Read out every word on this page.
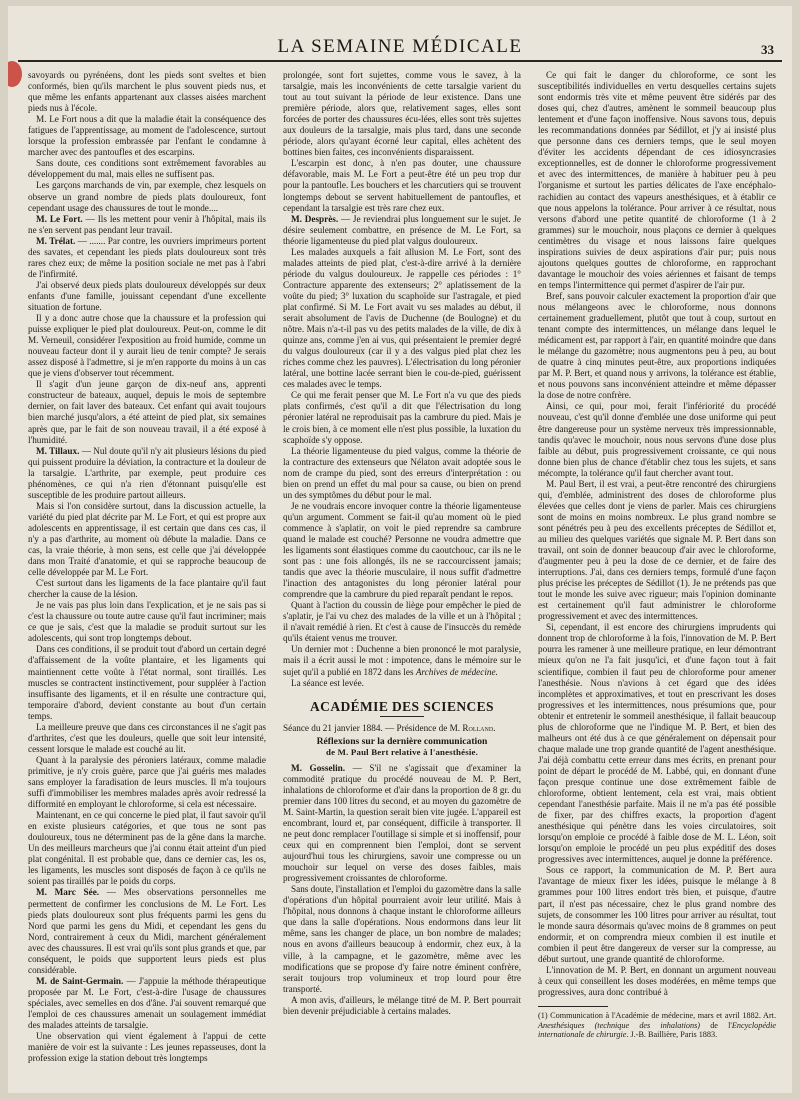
LA SEMAINE MÉDICALE	33

savoyards ou pyrénéens, dont les pieds sont sveltes et bien conformés, bien qu'ils marchent le plus souvent pieds nus, et que même les enfants appartenant aux classes aisées marchent pieds nus à l'école.

M. Le Fort nous a dit que la maladie était la conséquence des fatigues de l'apprentissage, au moment de l'adolescence, surtout lorsque la profession embrassée par l'enfant le condamne à marcher avec des pantoufles et des escarpins.

Sans doute, ces conditions sont extrêmement favorables au développement du mal, mais elles ne suffisent pas.

Les garçons marchands de vin, par exemple, chez lesquels on observe un grand nombre de pieds plats douloureux, font cependant usage des chaussures de tout le monde....

M. Le Fort. — Ils les mettent pour venir à l'hôpital, mais ils ne s'en servent pas pendant leur travail.

M. Trélat. — ....... Par contre, les ouvriers imprimeurs portent des savates, et cependant les pieds plats douloureux sont très rares chez eux; de même la position sociale ne met pas à l'abri de l'infirmité.

J'ai observé deux pieds plats douloureux développés sur deux enfants d'une famille, jouissant cependant d'une excellente situation de fortune.

Il y a donc autre chose que la chaussure et la profession qui puisse expliquer le pied plat douloureux. Peut-on, comme le dit M. Verneuil, considérer l'exposition au froid humide, comme un nouveau facteur dont il y aurait lieu de tenir compte? Je serais assez disposé à l'admettre, si je m'en rapporte du moins à un cas que je viens d'observer tout récemment.

Il s'agit d'un jeune garçon de dix-neuf ans, apprenti constructeur de bateaux, auquel, depuis le mois de septembre dernier, on fait laver des bateaux. Cet enfant qui avait toujours bien marché jusqu'alors, a été atteint de pied plat, six semaines après que, par le fait de son nouveau travail, il a été exposé à l'humidité.

M. Tillaux. — Nul doute qu'il n'y ait plusieurs lésions du pied qui puissent produire la déviation, la contracture et la douleur de la tarsalgie. L'arthrite, par exemple, peut produire ces phénomènes, ce qui n'a rien d'étonnant puisqu'elle est susceptible de les produire partout ailleurs.

Mais si l'on considère surtout, dans la discussion actuelle, la variété du pied plat décrite par M. Le Fort, et qui est propre aux adolescents en apprentissage, il est certain que dans ces cas, il n'y a pas d'arthrite, au moment où débute la maladie. Dans ce cas, la vraie théorie, à mon sens, est celle que j'ai développée dans mon Traité d'anatomie, et qui se rapproche beaucoup de celle développée par M. Le Fort.

C'est surtout dans les ligaments de la face plantaire qu'il faut chercher la cause de la lésion.

Je ne vais pas plus loin dans l'explication, et je ne sais pas si c'est la chaussure ou toute autre cause qu'il faut incriminer; mais ce que je sais, c'est que la maladie se produit surtout sur les adolescents, qui sont trop longtemps debout.

Dans ces conditions, il se produit tout d'abord un certain degré d'affaissement de la voûte plantaire, et les ligaments qui maintiennent cette voûte à l'état normal, sont tiraillés. Les muscles se contractent instinctivement, pour suppléer à l'action insuffisante des ligaments, et il en résulte une contracture qui, temporaire d'abord, devient constante au bout d'un certain temps.

La meilleure preuve que dans ces circonstances il ne s'agit pas d'arthrites, c'est que les douleurs, quelle que soit leur intensité, cessent lorsque le malade est couché au lit.

Quant à la paralysie des péroniers latéraux, comme maladie primitive, je n'y crois guère, parce que j'ai guéris mes malades sans employer la faradisation de leurs muscles. Il m'a toujours suffi d'immobiliser les membres malades après avoir redressé la difformité en employant le chloroforme, si cela est nécessaire.

Maintenant, en ce qui concerne le pied plat, il faut savoir qu'il en existe plusieurs catégories, et que tous ne sont pas douloureux, tous ne déterminent pas de la gêne dans la marche. Un des meilleurs marcheurs que j'ai connu était atteint d'un pied plat congénital. Il est probable que, dans ce dernier cas, les os, les ligaments, les muscles sont disposés de façon à ce qu'ils ne soient pas tiraillés par le poids du corps.

M. Marc Sée. — Mes observations personnelles me permettent de confirmer les conclusions de M. Le Fort. Les pieds plats douloureux sont plus fréquents parmi les gens du Nord que parmi les gens du Midi, et cependant les gens du Nord, contrairement à ceux du Midi, marchent généralement avec des chaussures. Il est vrai qu'ils sont plus grands et que, par conséquent, le poids que supportent leurs pieds est plus considérable.

M. de Saint-Germain. — J'appuie la méthode thérapeutique proposée par M. Le Fort, c'est-à-dire l'usage de chaussures spéciales, avec semelles en dos d'âne. J'ai souvent remarqué que l'emploi de ces chaussures amenait un soulagement immédiat des malades atteints de tarsalgie.

Une observation qui vient également à l'appui de cette manière de voir est la suivante : Les jeunes repasseuses, dont la profession exige la station debout très longtemps

prolongée, sont fort sujettes, comme vous le savez, à la tarsalgie, mais les inconvénients de cette tarsalgie varient du tout au tout suivant la période de leur existence. Dans une première période, alors que, relativement sages, elles sont forcées de porter des chaussures écu-lées, elles sont très sujettes aux douleurs de la tarsalgie, mais plus tard, dans une seconde période, alors qu'ayant écorné leur capital, elles achètent des bottines bien faites, ces inconvénients disparaissent.

L'escarpin est donc, à n'en pas douter, une chaussure défavorable, mais M. Le Fort a peut-être été un peu trop dur pour la pantoufle. Les bouchers et les charcutiers qui se trouvent longtemps debout se servent habituellement de pantoufles, et cependant la tarsalgie est très rare chez eux.

M. Desprès. — Je reviendrai plus longuement sur le sujet. Je désire seulement combattre, en présence de M. Le Fort, sa théorie ligamenteuse du pied plat valgus douloureux.

Les malades auxquels a fait allusion M. Le Fort, sont des malades atteints de pied plat, c'est-à-dire arrivé à la dernière période du valgus douloureux. Je rappelle ces périodes : 1° Contracture apparente des extenseurs; 2° aplatissement de la voûte du pied; 3° luxation du scaphoïde sur l'astragale, et pied plat confirmé. Si M. Le Fort avait vu ses malades au début, il serait absolument de l'avis de Duchenne (de Boulogne) et du nôtre. Mais n'a-t-il pas vu des petits malades de la ville, de dix à quinze ans, comme j'en ai vus, qui présentaient le premier degré du valgus douloureux (car il y a des valgus pied plat chez les riches comme chez les pauvres). L'électrisation du long péronier latéral, une bottine lacée serrant bien le cou-de-pied, guérissent ces malades avec le temps.

Ce qui me ferait penser que M. Le Fort n'a vu que des pieds plats confirmés, c'est qu'il a dit que l'électrisation du long péronier latéral ne reproduisait pas la cambrure du pied. Mais je le crois bien, à ce moment elle n'est plus possible, la luxation du scaphoïde s'y oppose.

La théorie ligamenteuse du pied valgus, comme la théorie de la contracture des extenseurs que Nélaton avait adoptée sous le nom de crampe du pied, sont des erreurs d'interprétation : ou bien on prend un effet du mal pour sa cause, ou bien on prend un des symptômes du début pour le mal.

Je ne voudrais encore invoquer contre la théorie ligamenteuse qu'un argument. Comment se fait-il qu'au moment où le pied commence à s'aplatir, on voit le pied reprendre sa cambrure quand le malade est couché? Personne ne voudra admettre que les ligaments sont élastiques comme du caoutchouc, car ils ne le sont pas : une fois allongés, ils ne se raccourcissent jamais; tandis que avec la théorie musculaire, il nous suffit d'admettre l'inaction des antagonistes du long péronier latéral pour comprendre que la cambrure du pied reparaît pendant le repos.

Quant à l'action du coussin de liège pour empêcher le pied de s'aplatir, je l'ai vu chez des malades de la ville et un à l'hôpital ; il n'avait remédié à rien. Et c'est à cause de l'insuccès du remède qu'ils étaient venus me trouver.

Un dernier mot : Duchenne a bien prononcé le mot paralysie, mais il a écrit aussi le mot : impotence, dans le mémoire sur le sujet qu'il a publié en 1872 dans les Archives de médecine.

La séance est levée.

ACADÉMIE DES SCIENCES

Séance du 21 janvier 1884. — Présidence de M. Rolland.

Réflexions sur la dernière communication
de M. Paul Bert relative à l'anesthésie.

M. Gosselin. — S'il ne s'agissait que d'examiner la commodité pratique du procédé nouveau de M. P. Bert, inhalations de chloroforme et d'air dans la proportion de 8 gr. du premier dans 100 litres du second, et au moyen du gazomètre de M. Saint-Martin, la question serait bien vite jugée. L'appareil est encombrant, lourd et, par conséquent, difficile à transporter. Il ne peut donc remplacer l'outillage si simple et si inoffensif, pour ceux qui en comprennent bien l'emploi, dont se servent aujourd'hui tous les chirurgiens, savoir une compresse ou un mouchoir sur lequel on verse des doses faibles, mais progressivement croissantes de chloroforme.

Sans doute, l'installation et l'emploi du gazomètre dans la salle d'opérations d'un hôpital pourraient avoir leur utilité. Mais à l'hôpital, nous donnons à chaque instant le chloroforme ailleurs que dans la salle d'opérations. Nous endormons dans leur lit même, sans les changer de place, un bon nombre de malades; nous en avons d'ailleurs beaucoup à endormir, chez eux, à la ville, à la campagne, et le gazomètre, même avec les modifications que se propose d'y faire notre éminent confrère, serait toujours trop volumineux et trop lourd pour être transporté.

A mon avis, d'ailleurs, le mélange titré de M. P. Bert pourrait bien devenir préjudiciable à certains malades.

Ce qui fait le danger du chloroforme, ce sont les susceptibilités individuelles en vertu desquelles certains sujets sont endormis très vite et même peuvent être sidérés par des doses qui, chez d'autres, amènent le sommeil beaucoup plus lentement et d'une façon inoffensive. Nous savons tous, depuis les recommandations données par Sédillot, et j'y ai insisté plus que personne dans ces derniers temps, que le seul moyen d'éviter les accidents dépendant de ces idiosyncrasies exceptionnelles, est de donner le chloroforme progressivement et avec des intermittences, de manière à habituer peu à peu l'organisme et surtout les parties délicates de l'axe encéphalo-rachidien au contact des vapeurs anesthésiques, et à établir ce que nous appelons la tolérance. Pour arriver à ce résultat, nous versons d'abord une petite quantité de chloroforme (1 à 2 grammes) sur le mouchoir, nous plaçons ce dernier à quelques centimètres du visage et nous laissons faire quelques inspirations suivies de deux aspirations d'air pur; puis nous ajoutons quelques gouttes de chloroforme, en rapprochant davantage le mouchoir des voies aériennes et faisant de temps en temps l'intermittence qui permet d'aspirer de l'air pur.

Bref, sans pouvoir calculer exactement la proportion d'air que nous mélangeons avec le chloroforme, nous donnons certainement graduellement, plutôt que tout à coup, surtout en tenant compte des intermittences, un mélange dans lequel le médicament est, par rapport à l'air, en quantité moindre que dans le mélange du gazomètre; nous augmentons peu à peu, au bout de quatre à cinq minutes peut-être, aux proportions indiquées par M. P. Bert, et quand nous y arrivons, la tolérance est établie, et nous pouvons sans inconvénient atteindre et même dépasser la dose de notre confrère.

Ainsi, ce qui, pour moi, ferait l'infériorité du procédé nouveau, c'est qu'il donne d'emblée une dose uniforme qui peut être dangereuse pour un système nerveux très impressionnable, tandis qu'avec le mouchoir, nous nous servons d'une dose plus faible au début, puis progressivement croissante, ce qui nous donne bien plus de chance d'établir chez tous les sujets, et sans mécompte, la tolérance qu'il faut chercher avant tout.

M. Paul Bert, il est vrai, a peut-être rencontré des chirurgiens qui, d'emblée, administrent des doses de chloroforme plus élevées que celles dont je viens de parler. Mais ces chirurgiens sont de moins en moins nombreux. Le plus grand nombre se sont pénétrés peu à peu des excellents préceptes de Sédillot et, au milieu des quelques variétés que signale M. P. Bert dans son travail, ont soin de donner beaucoup d'air avec le chloroforme, d'augmenter peu à peu la dose de ce dernier, et de faire des interruptions. J'ai, dans ces derniers temps, formulé d'une façon plus précise les préceptes de Sédillot (1). Je ne prétends pas que tout le monde les suive avec rigueur; mais l'opinion dominante est certainement qu'il faut administrer le chloroforme progressivement et avec des intermittences.

Si, cependant, il est encore des chirurgiens imprudents qui donnent trop de chloroforme à la fois, l'innovation de M. P. Bert pourra les ramener à une meilleure pratique, en leur démontrant mieux qu'on ne l'a fait jusqu'ici, et d'une façon tout à fait scientifique, combien il faut peu de chloroforme pour amener l'anesthésie. Nous n'avions à cet égard que des idées incomplètes et approximatives, et tout en prescrivant les doses progressives et les intermittences, nous présumions que, pour obtenir et entretenir le sommeil anesthésique, il fallait beaucoup plus de chloroforme que ne l'indique M. P. Bert, et bien des malheurs ont été dus à ce que généralement on dépensait pour chaque malade une trop grande quantité de l'agent anesthésique. J'ai déjà combattu cette erreur dans mes écrits, en prenant pour point de départ le procédé de M. Labbé, qui, en donnant d'une façon presque continue une dose extrêmement faible de chloroforme, obtient lentement, cela est vrai, mais obtient cependant l'anesthésie parfaite. Mais il ne m'a pas été possible de fixer, par des chiffres exacts, la proportion d'agent anesthésique qui pénètre dans les voies circulatoires, soit lorsqu'on emploie ce procédé à faible dose de M. L. Léon, soit lorsqu'on emploie le procédé un peu plus expéditif des doses progressives avec intermittences, auquel je donne la préférence.

Sous ce rapport, la communication de M. P. Bert aura l'avantage de mieux fixer les idées, puisque le mélange à 8 grammes pour 100 litres endort très bien, et puisque, d'autre part, il n'est pas nécessaire, chez le plus grand nombre des sujets, de consommer les 100 litres pour arriver au résultat, tout le monde saura désormais qu'avec moins de 8 grammes on peut endormir, et on comprendra mieux combien il est inutile et combien il peut être dangereux de verser sur la compresse, au début surtout, une grande quantité de chloroforme.

L'innovation de M. P. Bert, en donnant un argument nouveau à ceux qui conseillent les doses modérées, en même temps que progressives, aura donc contribué à

(1) Communication à l'Académie de médecine, mars et avril 1882. Art. Anesthésiques (technique des inhalations) de l'Encyclopédie internationale de chirurgie. J.-B. Baillière, Paris 1883.
